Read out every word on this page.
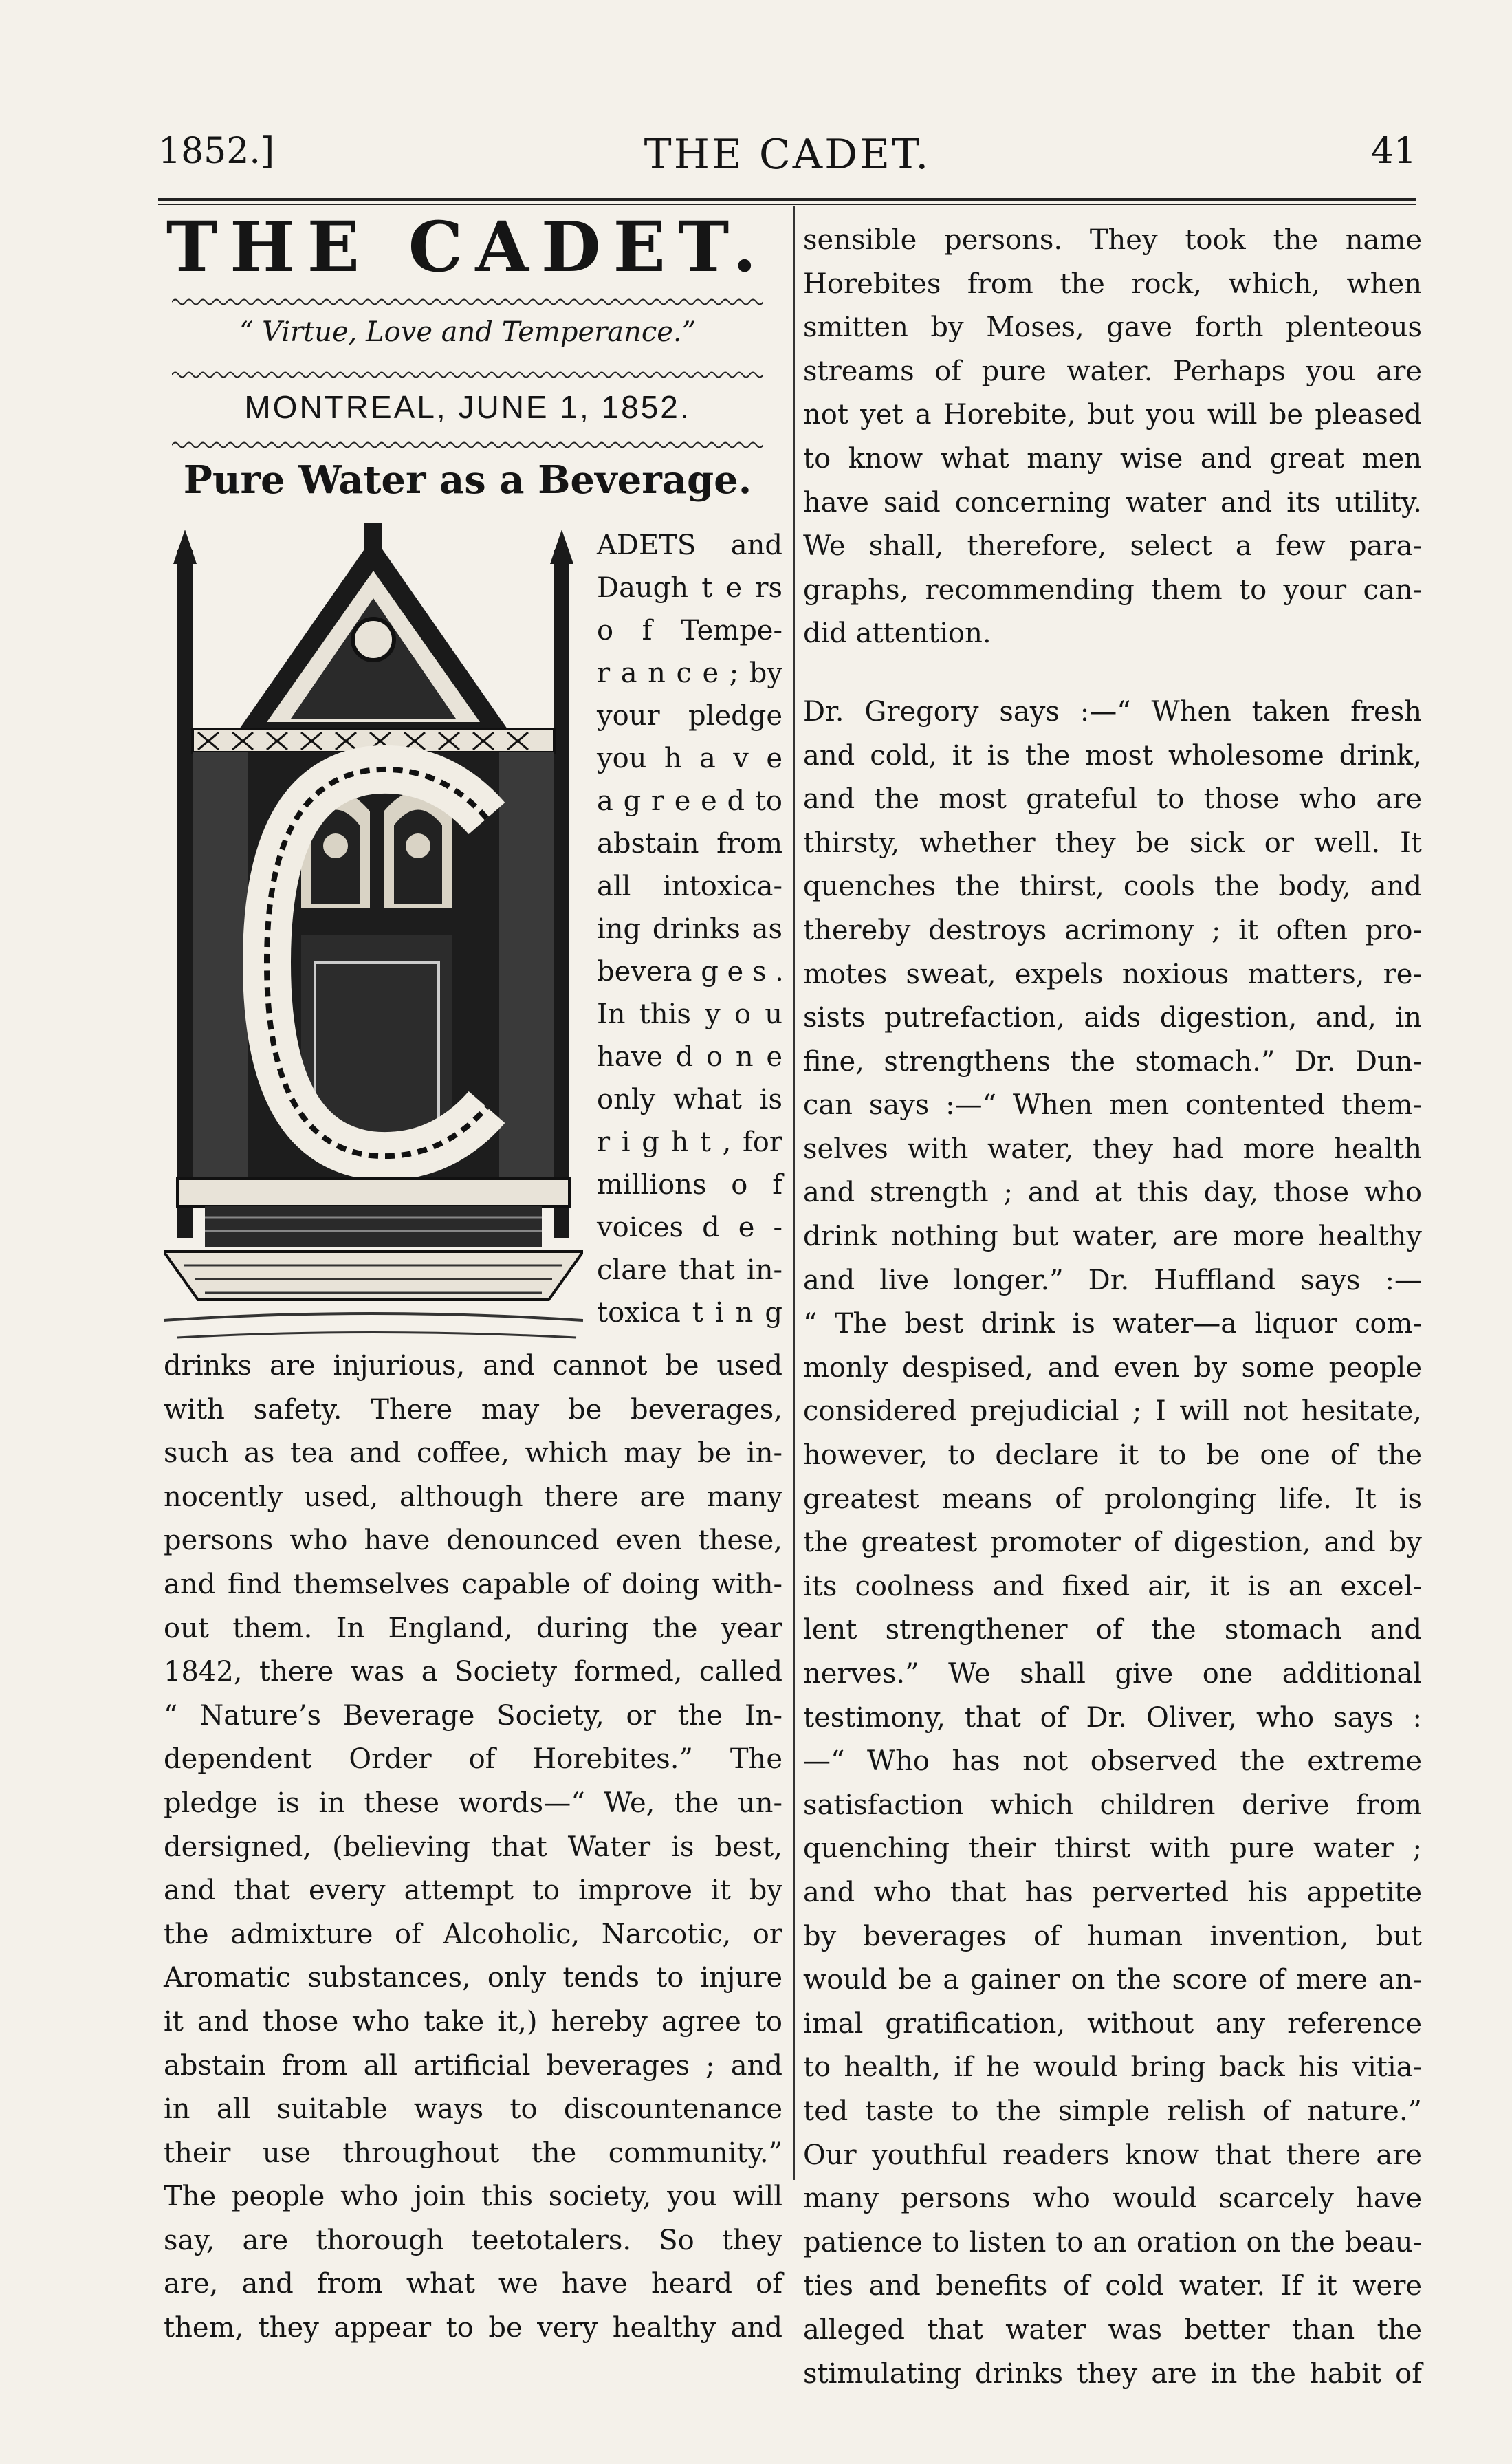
1852.]	THE CADET.	41
THE CADET.
“ Virtue, Love and Temperance.”
MONTREAL, JUNE 1, 1852.
Pure Water as a Beverage.
ADETS and
Daugh t e rs
o f Tempe-
r a n c e ; by
your pledge
you h a v e
a g r e e d to
abstain from
all intoxica-
ing drinks as
bevera g e s .
In this y o u
have d o n e
only what is
r i g h t , for
millions o f
voices d e -
clare that in-
toxica t i n g
drinks are injurious, and cannot be used
with safety. There may be beverages,
such as tea and coffee, which may be in-
nocently used, although there are many
persons who have denounced even these,
and find themselves capable of doing with-
out them. In England, during the year
1842, there was a Society formed, called
“ Nature’s Beverage Society, or the In-
dependent Order of Horebites.” The
pledge is in these words—“ We, the un-
dersigned, (believing that Water is best,
and that every attempt to improve it by
the admixture of Alcoholic, Narcotic, or
Aromatic substances, only tends to injure
it and those who take it,) hereby agree to
abstain from all artificial beverages ; and
in all suitable ways to discountenance
their use throughout the community.”
The people who join this society, you will
say, are thorough teetotalers. So they
are, and from what we have heard of
them, they appear to be very healthy and
sensible persons. They took the name
Horebites from the rock, which, when
smitten by Moses, gave forth plenteous
streams of pure water. Perhaps you are
not yet a Horebite, but you will be pleased
to know what many wise and great men
have said concerning water and its utility.
We shall, therefore, select a few para-
graphs, recommending them to your can-
did attention.
Dr. Gregory says :—“ When taken fresh
and cold, it is the most wholesome drink,
and the most grateful to those who are
thirsty, whether they be sick or well. It
quenches the thirst, cools the body, and
thereby destroys acrimony ; it often pro-
motes sweat, expels noxious matters, re-
sists putrefaction, aids digestion, and, in
fine, strengthens the stomach.” Dr. Dun-
can says :—“ When men contented them-
selves with water, they had more health
and strength ; and at this day, those who
drink nothing but water, are more healthy
and live longer.” Dr. Huffland says :—
“ The best drink is water—a liquor com-
monly despised, and even by some people
considered prejudicial ; I will not hesitate,
however, to declare it to be one of the
greatest means of prolonging life. It is
the greatest promoter of digestion, and by
its coolness and fixed air, it is an excel-
lent strengthener of the stomach and
nerves.” We shall give one additional
testimony, that of Dr. Oliver, who says :
—“ Who has not observed the extreme
satisfaction which children derive from
quenching their thirst with pure water ;
and who that has perverted his appetite
by beverages of human invention, but
would be a gainer on the score of mere an-
imal gratification, without any reference
to health, if he would bring back his vitia-
ted taste to the simple relish of nature.”
Our youthful readers know that there are
many persons who would scarcely have
patience to listen to an oration on the beau-
ties and benefits of cold water. If it were
alleged that water was better than the
stimulating drinks they are in the habit of
